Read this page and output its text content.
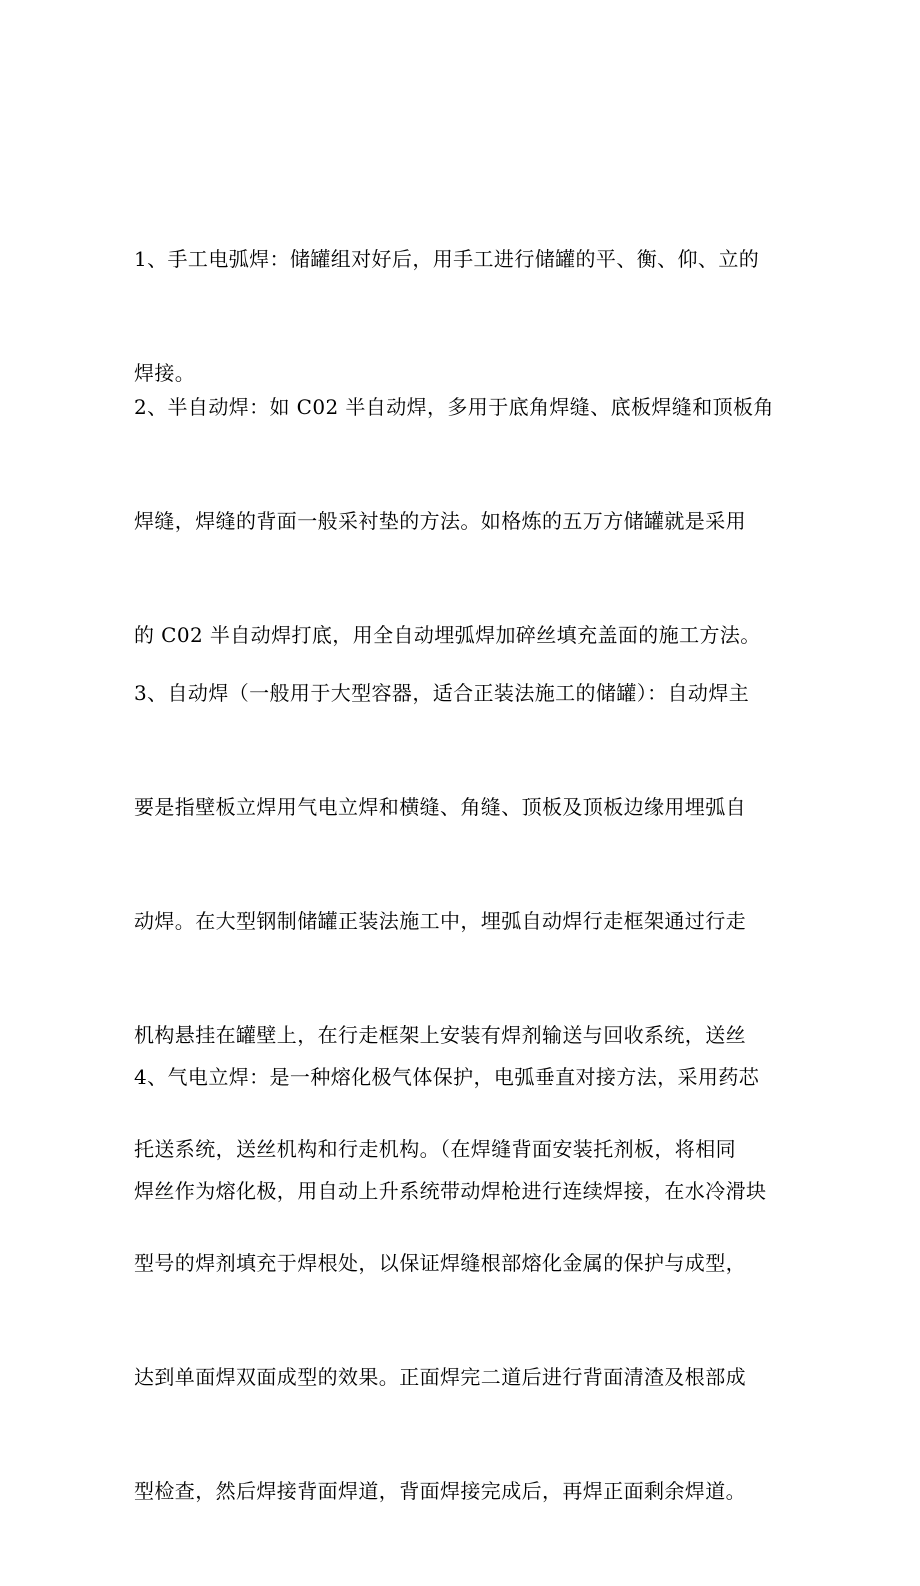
1、手工电弧焊：储罐组对好后，用手工进行储罐的平、衡、仰、立的

焊接。

2、半自动焊：如 C02 半自动焊，多用于底角焊缝、底板焊缝和顶板角

焊缝，焊缝的背面一般采衬垫的方法。如格炼的五万方储罐就是采用

的 C02 半自动焊打底，用全自动埋弧焊加碎丝填充盖面的施工方法。

3、自动焊（一般用于大型容器，适合正装法施工的储罐）：自动焊主

要是指壁板立焊用气电立焊和横缝、角缝、顶板及顶板边缘用埋弧自

动焊。在大型钢制储罐正装法施工中，埋弧自动焊行走框架通过行走

机构悬挂在罐壁上，在行走框架上安装有焊剂输送与回收系统，送丝

托送系统，送丝机构和行走机构。（在焊缝背面安装托剂板，将相同

型号的焊剂填充于焊根处，以保证焊缝根部熔化金属的保护与成型，

达到单面焊双面成型的效果。正面焊完二道后进行背面清渣及根部成

型检查，然后焊接背面焊道，背面焊接完成后，再焊正面剩余焊道。

4、气电立焊：是一种熔化极气体保护，电弧垂直对接方法，采用药芯

焊丝作为熔化极，用自动上升系统带动焊枪进行连续焊接，在水冷滑块
